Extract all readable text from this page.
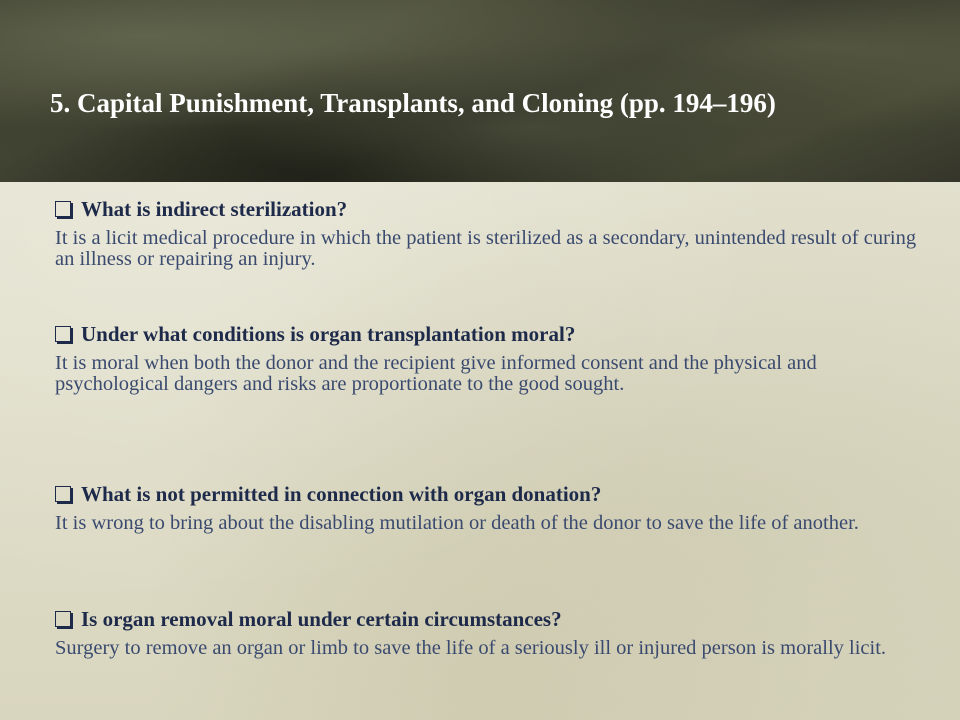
5. Capital Punishment, Transplants, and Cloning (pp. 194–196)

What is indirect sterilization?

It is a licit medical procedure in which the patient is sterilized as a secondary, unintended result of curing an illness or repairing an injury.

Under what conditions is organ transplantation moral?

It is moral when both the donor and the recipient give informed consent and the physical and psychological dangers and risks are proportionate to the good sought.

What is not permitted in connection with organ donation?

It is wrong to bring about the disabling mutilation or death of the donor to save the life of another.

Is organ removal moral under certain circumstances?

Surgery to remove an organ or limb to save the life of a seriously ill or injured person is morally licit.
